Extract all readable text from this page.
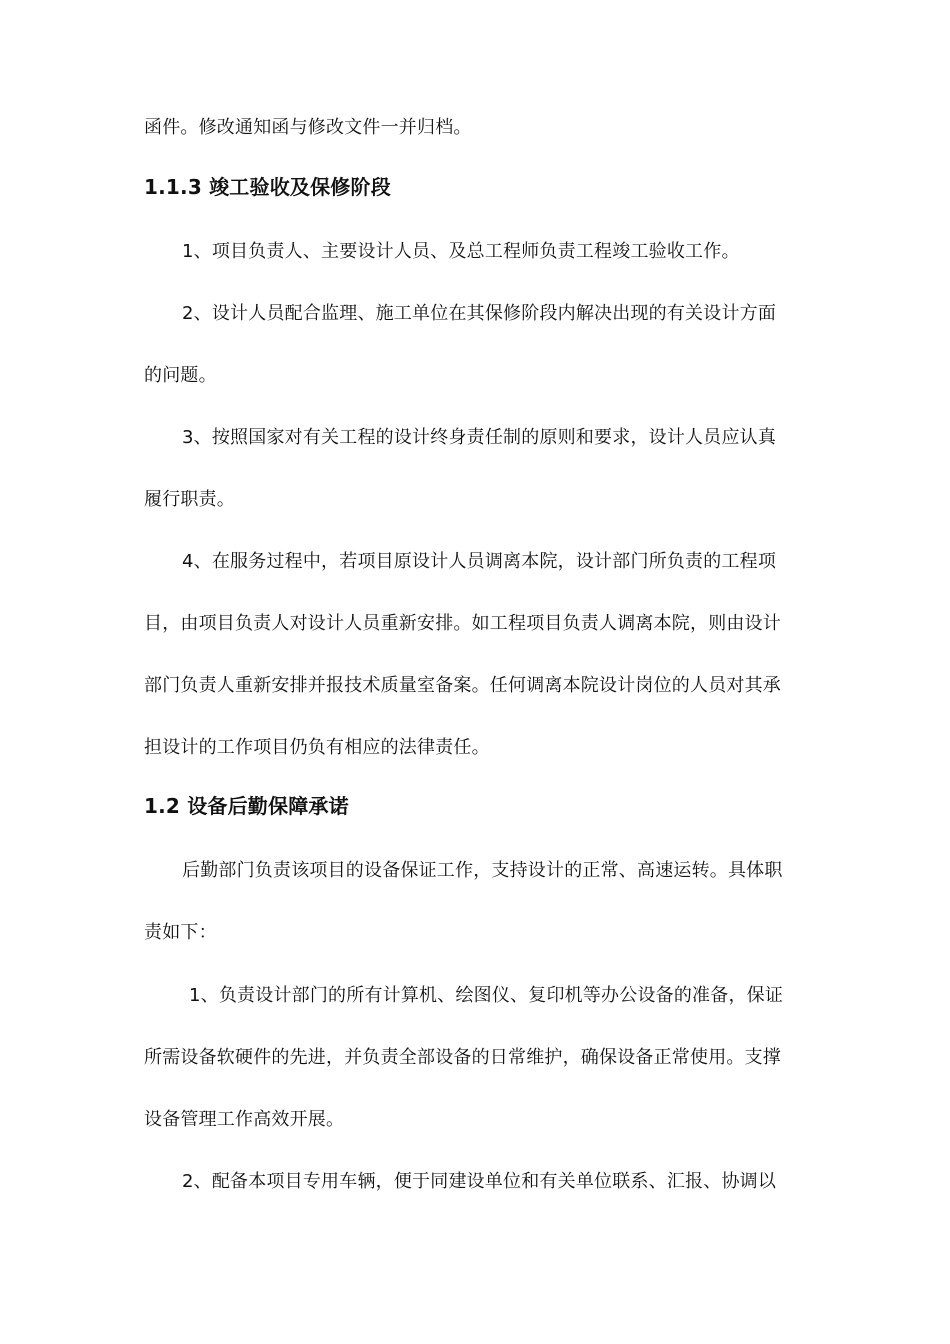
函件。修改通知函与修改文件一并归档。
1.1.3 竣工验收及保修阶段
1、项目负责人、主要设计人员、及总工程师负责工程竣工验收工作。
2、设计人员配合监理、施工单位在其保修阶段内解决出现的有关设计方面
的问题。
3、按照国家对有关工程的设计终身责任制的原则和要求，设计人员应认真
履行职责。
4、在服务过程中，若项目原设计人员调离本院，设计部门所负责的工程项
目，由项目负责人对设计人员重新安排。如工程项目负责人调离本院，则由设计
部门负责人重新安排并报技术质量室备案。任何调离本院设计岗位的人员对其承
担设计的工作项目仍负有相应的法律责任。
1.2 设备后勤保障承诺
后勤部门负责该项目的设备保证工作，支持设计的正常、高速运转。具体职
责如下：
1、负责设计部门的所有计算机、绘图仪、复印机等办公设备的准备，保证
所需设备软硬件的先进，并负责全部设备的日常维护，确保设备正常使用。支撑
设备管理工作高效开展。
2、配备本项目专用车辆，便于同建设单位和有关单位联系、汇报、协调以
